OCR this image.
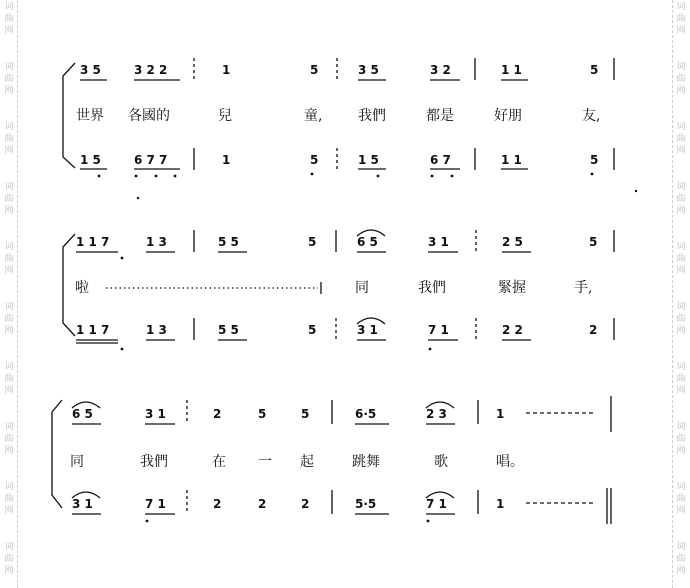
词
曲
网
词
曲
网
词
曲
网
词
曲
网
词
曲
网
词
曲
网
词
曲
网
词
曲
网
词
曲
网
词
曲
网
词
曲
网
词
曲
网
词
曲
网
词
曲
网
词
曲
网
词
曲
网
词
曲
网
词
曲
网
词
曲
网
词
曲
网
3 5	3 2 2	1	5	3 5	3 2	1 1	5
世界 各國的	兒	童,	我們	都是	好朋	友,
1 5	6 7 7	1	5	1 5	6 7	1 1	5
1 1 7	1 3	5 5	5	6 5	3 1	2 5	5
啦	同	我們	緊握	手,
1 1 7	1 3	5 5	5	3 1	7 1	2 2	2
6 5	3 1	2	5	5	6·5	2 3	1
同	我們	在 一 起	跳舞	歌	唱。
3 1	7 1	2	2	2	5·5	7 1	1
